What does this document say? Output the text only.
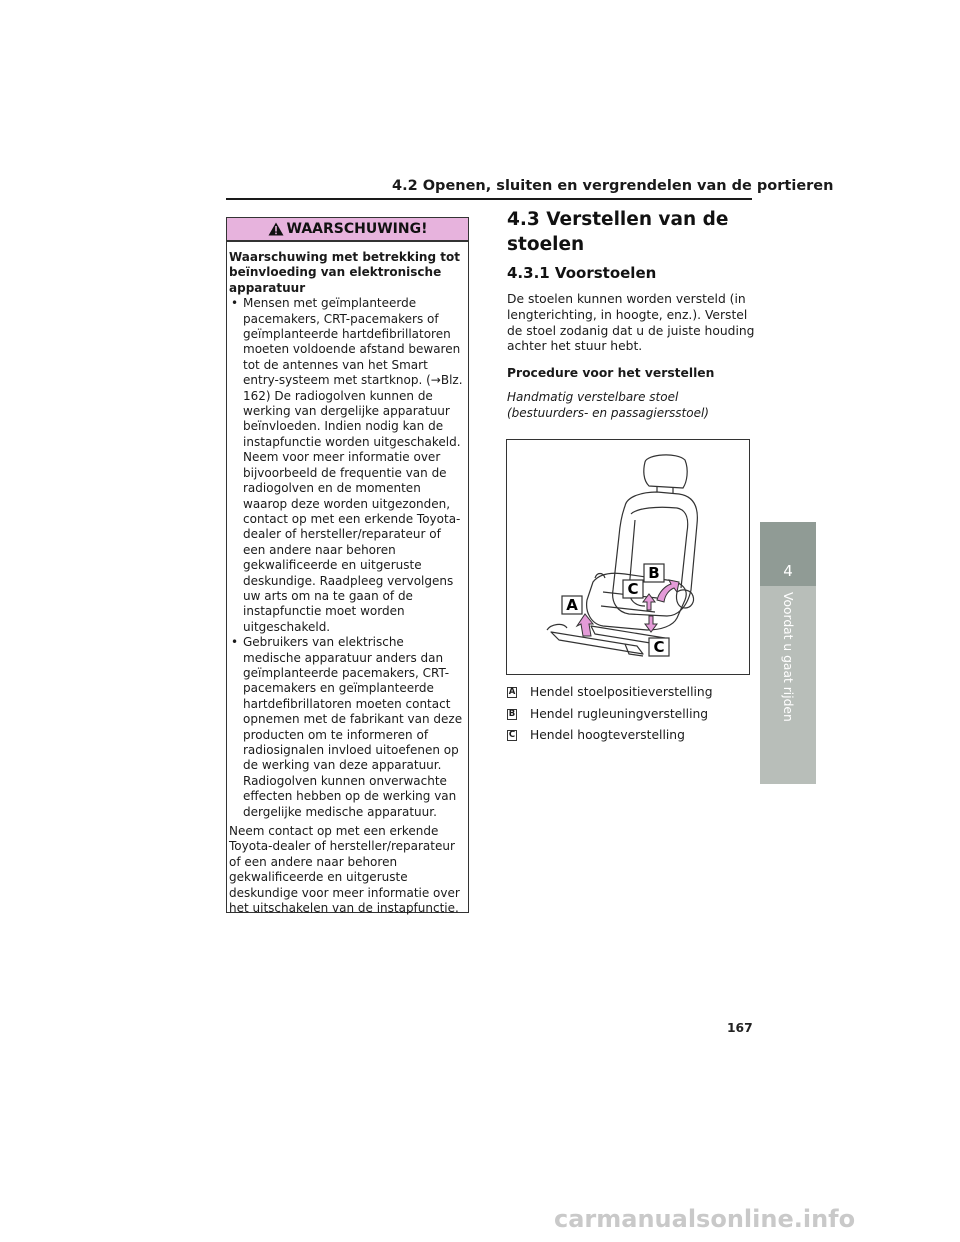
4.2 Openen, sluiten en vergrendelen van de portieren
WAARSCHUWING!
Waarschuwing met betrekking tot beïnvloeding van elektronische apparatuur
• Mensen met geïmplanteerde pacemakers, CRT-pacemakers of geïmplanteerde hartdefibrillatoren moeten voldoende afstand bewaren tot de antennes van het Smart entry-systeem met startknop. (→Blz. 162) De radiogolven kunnen de werking van dergelijke apparatuur beïnvloeden. Indien nodig kan de instapfunctie worden uitgeschakeld. Neem voor meer informatie over bijvoorbeeld de frequentie van de radiogolven en de momenten waarop deze worden uitgezonden, contact op met een erkende Toyota-dealer of hersteller/reparateur of een andere naar behoren gekwalificeerde en uitgeruste deskundige. Raadpleeg vervolgens uw arts om na te gaan of de instapfunctie moet worden uitgeschakeld.
• Gebruikers van elektrische medische apparatuur anders dan geïmplanteerde pacemakers, CRT-pacemakers en geïmplanteerde hartdefibrillatoren moeten contact opnemen met de fabrikant van deze producten om te informeren of radiosignalen invloed uitoefenen op de werking van deze apparatuur. Radiogolven kunnen onverwachte effecten hebben op de werking van dergelijke medische apparatuur.
Neem contact op met een erkende Toyota-dealer of hersteller/reparateur of een andere naar behoren gekwalificeerde en uitgeruste deskundige voor meer informatie over het uitschakelen van de instapfunctie.
4.3 Verstellen van de stoelen
4.3.1 Voorstoelen
De stoelen kunnen worden versteld (in lengterichting, in hoogte, enz.). Verstel de stoel zodanig dat u de juiste houding achter het stuur hebt.
Procedure voor het verstellen
Handmatig verstelbare stoel (bestuurders- en passagiersstoel)
A
B
C
C
A Hendel stoelpositieverstelling
B Hendel rugleuningverstelling
C Hendel hoogteverstelling
4
Voordat u gaat rijden
167
carmanualsonline.info
